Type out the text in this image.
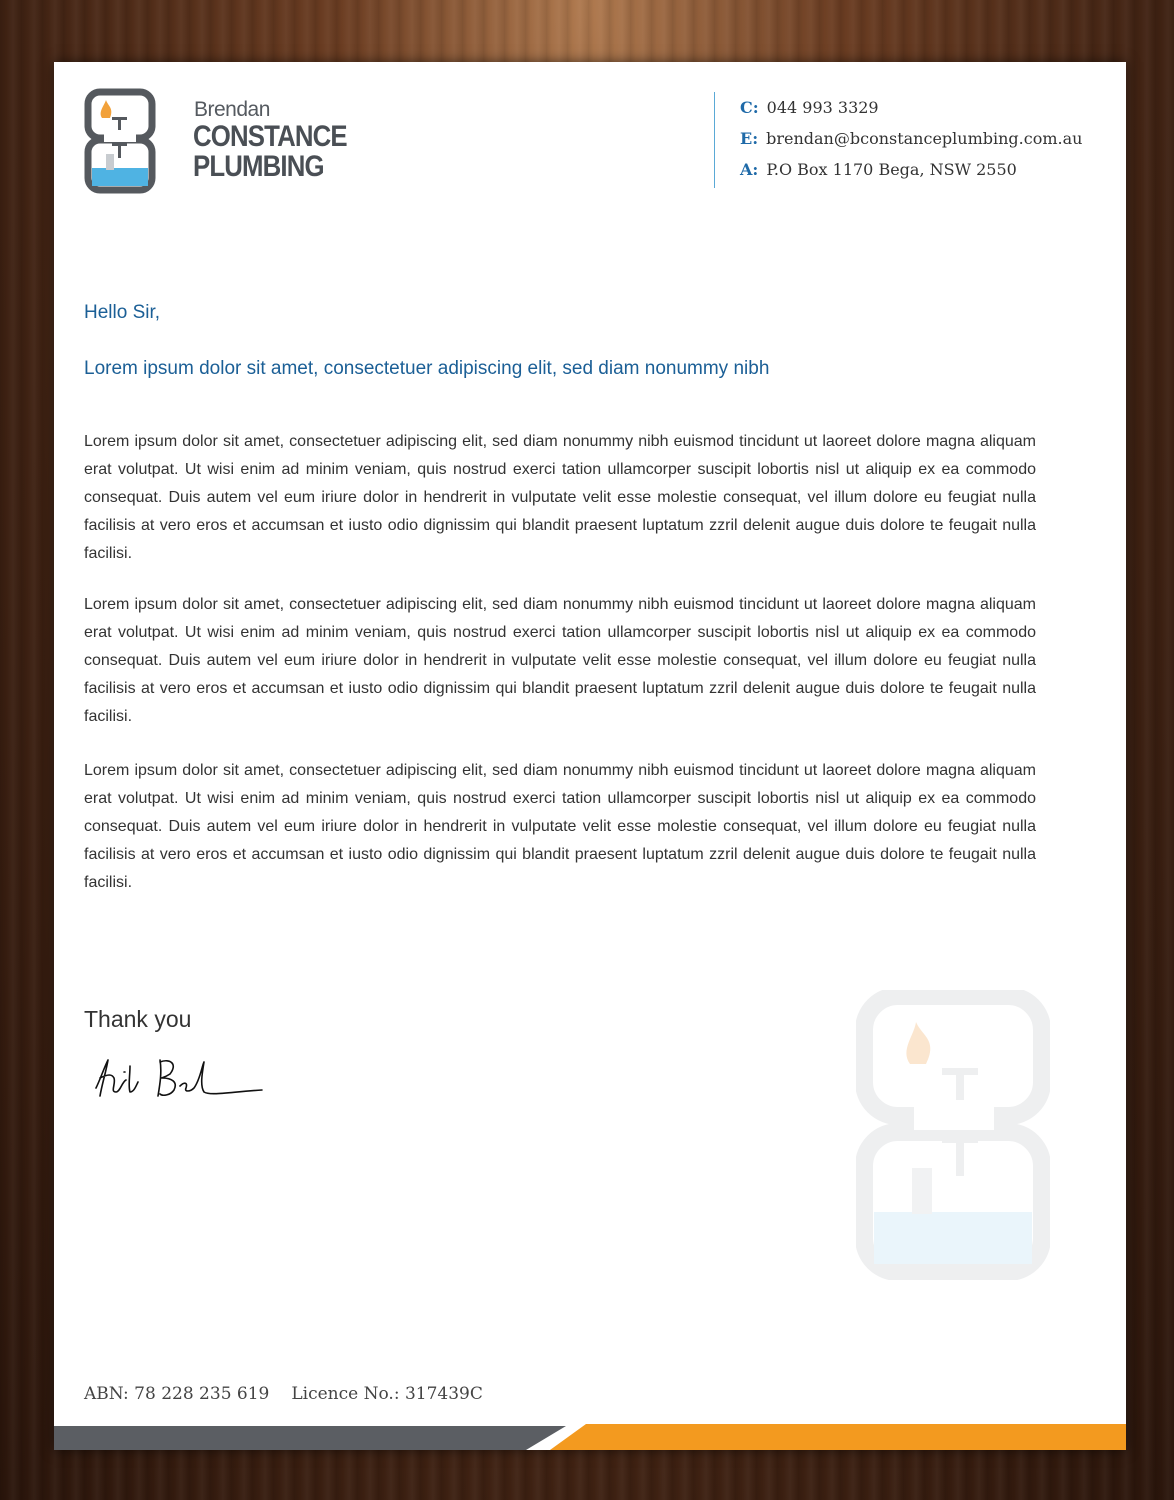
Brendan
CONSTANCE
PLUMBING
C: 044 993 3329
E: brendan@bconstanceplumbing.com.au
A: P.O Box 1170 Bega, NSW 2550
Hello Sir,
Lorem ipsum dolor sit amet, consectetuer adipiscing elit, sed diam nonummy nibh

Lorem ipsum dolor sit amet, consectetuer adipiscing elit, sed diam nonummy nibh euismod tincidunt ut laoreet dolore magna aliquam erat volutpat. Ut wisi enim ad minim veniam, quis nostrud exerci tation ullamcorper suscipit lobortis nisl ut aliquip ex ea commodo consequat. Duis autem vel eum iriure dolor in hendrerit in vulputate velit esse molestie consequat, vel illum dolore eu feugiat nulla facilisis at vero eros et accumsan et iusto odio dignissim qui blandit praesent luptatum zzril delenit augue duis dolore te feugait nulla facilisi.

Lorem ipsum dolor sit amet, consectetuer adipiscing elit, sed diam nonummy nibh euismod tincidunt ut laoreet dolore magna aliquam erat volutpat. Ut wisi enim ad minim veniam, quis nostrud exerci tation ullamcorper suscipit lobortis nisl ut aliquip ex ea commodo consequat. Duis autem vel eum iriure dolor in hendrerit in vulputate velit esse molestie consequat, vel illum dolore eu feugiat nulla facilisis at vero eros et accumsan et iusto odio dignissim qui blandit praesent luptatum zzril delenit augue duis dolore te feugait nulla facilisi.

Lorem ipsum dolor sit amet, consectetuer adipiscing elit, sed diam nonummy nibh euismod tincidunt ut laoreet dolore magna aliquam erat volutpat. Ut wisi enim ad minim veniam, quis nostrud exerci tation ullamcorper suscipit lobortis nisl ut aliquip ex ea commodo consequat. Duis autem vel eum iriure dolor in hendrerit in vulputate velit esse molestie consequat, vel illum dolore eu feugiat nulla facilisis at vero eros et accumsan et iusto odio dignissim qui blandit praesent luptatum zzril delenit augue duis dolore te feugait nulla facilisi.

Thank you
ABN: 78 228 235 619 Licence No.: 317439C
